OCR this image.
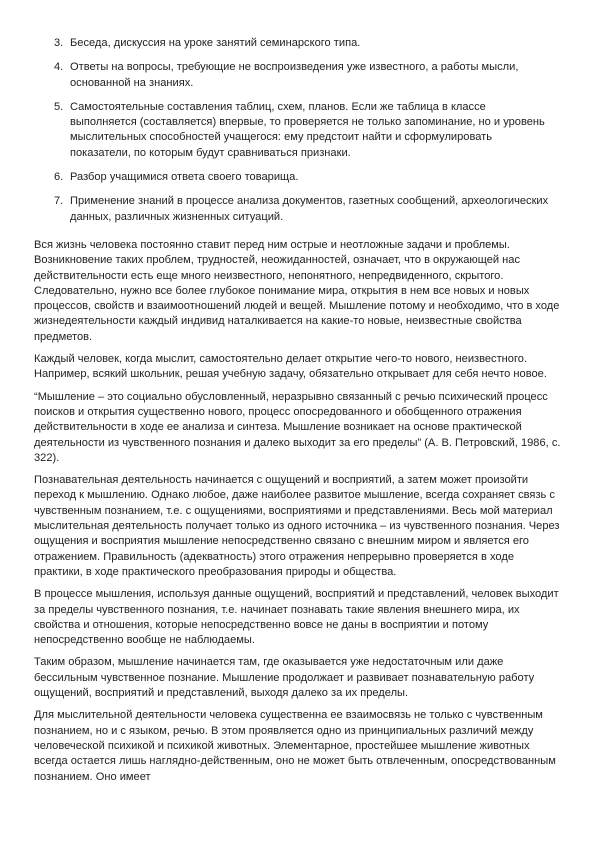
3. Беседа, дискуссия на уроке занятий семинарского типа.
4. Ответы на вопросы, требующие не воспроизведения уже известного, а работы мысли, основанной на знаниях.
5. Самостоятельные составления таблиц, схем, планов. Если же таблица в классе выполняется (составляется) впервые, то проверяется не только запоминание, но и уровень мыслительных способностей учащегося: ему предстоит найти и сформулировать показатели, по которым будут сравниваться признаки.
6. Разбор учащимися ответа своего товарища.
7. Применение знаний в процессе анализа документов, газетных сообщений, археологических данных, различных жизненных ситуаций.

Вся жизнь человека постоянно ставит перед ним острые и неотложные задачи и проблемы. Возникновение таких проблем, трудностей, неожиданностей, означает, что в окружающей нас действительности есть еще много неизвестного, непонятного, непредвиденного, скрытого. Следовательно, нужно все более глубокое понимание мира, открытия в нем все новых и новых процессов, свойств и взаимоотношений людей и вещей. Мышление потому и необходимо, что в ходе жизнедеятельности каждый индивид наталкивается на какие-то новые, неизвестные свойства предметов.

Каждый человек, когда мыслит, самостоятельно делает открытие чего-то нового, неизвестного. Например, всякий школьник, решая учебную задачу, обязательно открывает для себя нечто новое.

“Мышление – это социально обусловленный, неразрывно связанный с речью психический процесс поисков и открытия существенно нового, процесс опосредованного и обобщенного отражения действительности в ходе ее анализа и синтеза. Мышление возникает на основе практической деятельности из чувственного познания и далеко выходит за его пределы” (А. В. Петровский, 1986, с. 322).

Познавательная деятельность начинается с ощущений и восприятий, а затем может произойти переход к мышлению. Однако любое, даже наиболее развитое мышление, всегда сохраняет связь с чувственным познанием, т.е. с ощущениями, восприятиями и представлениями. Весь мой материал мыслительная деятельность получает только из одного источника – из чувственного познания. Через ощущения и восприятия мышление непосредственно связано с внешним миром и является его отражением. Правильность (адекватность) этого отражения непрерывно проверяется в ходе практики, в ходе практического преобразования природы и общества.

В процессе мышления, используя данные ощущений, восприятий и представлений, человек выходит за пределы чувственного познания, т.е. начинает познавать такие явления внешнего мира, их свойства и отношения, которые непосредственно вовсе не даны в восприятии и потому непосредственно вообще не наблюдаемы.

Таким образом, мышление начинается там, где оказывается уже недостаточным или даже бессильным чувственное познание. Мышление продолжает и развивает познавательную работу ощущений, восприятий и представлений, выходя далеко за их пределы.

Для мыслительной деятельности человека существенна ее взаимосвязь не только с чувственным познанием, но и с языком, речью. В этом проявляется одно из принципиальных различий между человеческой психикой и психикой животных. Элементарное, простейшее мышление животных всегда остается лишь наглядно-действенным, оно не может быть отвлеченным, опосредствованным познанием. Оно имеет
